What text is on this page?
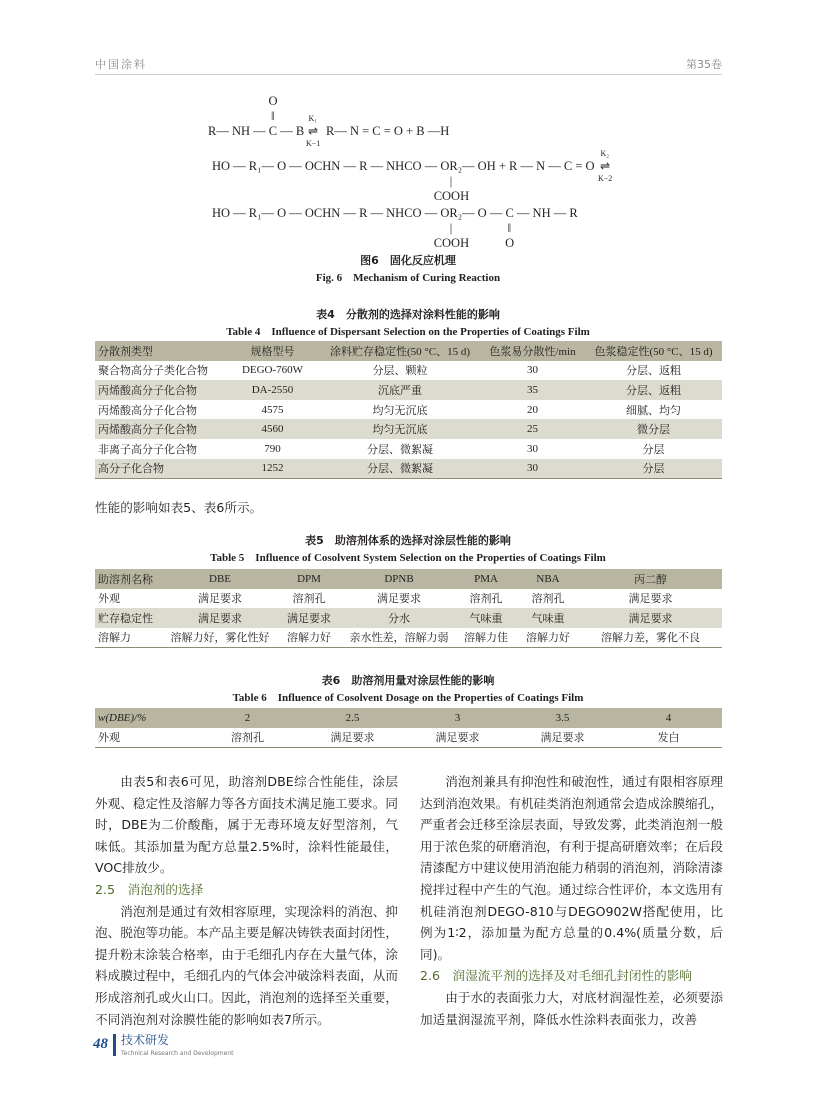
中国涂料	第35卷
O
‖
R— NH — C — B
K₁
⇌
K−1
R— N = C = O + B —H
HO — R₁— O — OCHN — R — NHCO — OR₂— OH + R — N — C = O
K₂
⇌
K−2
|
COOH
HO — R₁— O — OCHN — R — NHCO — OR₂— O — C — NH — R
|
COOH
‖
O
图6　固化反应机理
Fig. 6　Mechanism of Curing Reaction
表4　分散剂的选择对涂料性能的影响
Table 4　Influence of Dispersant Selection on the Properties of Coatings Film
分散剂类型	规格型号	涂料贮存稳定性(50 °C、15 d)	色浆易分散性/min	色浆稳定性(50 °C、15 d)
聚合物高分子类化合物	DEGO-760W	分层、颗粒	30	分层、返粗
丙烯酸高分子化合物	DA-2550	沉底严重	35	分层、返粗
丙烯酸高分子化合物	4575	均匀无沉底	20	细腻、均匀
丙烯酸高分子化合物	4560	均匀无沉底	25	微分层
非离子高分子化合物	790	分层、微絮凝	30	分层
高分子化合物	1252	分层、微絮凝	30	分层
性能的影响如表5、表6所示。
表5　助溶剂体系的选择对涂层性能的影响
Table 5　Influence of Cosolvent System Selection on the Properties of Coatings Film
助溶剂名称	DBE	DPM	DPNB	PMA	NBA	丙二醇
外观	满足要求	溶剂孔	满足要求	溶剂孔	溶剂孔	满足要求
贮存稳定性	满足要求	满足要求	分水	气味重	气味重	满足要求
溶解力	溶解力好，雾化性好	溶解力好	亲水性差，溶解力弱	溶解力佳	溶解力好	溶解力差，雾化不良
表6　助溶剂用量对涂层性能的影响
Table 6　Influence of Cosolvent Dosage on the Properties of Coatings Film
w(DBE)/%	2	2.5	3	3.5	4
外观	溶剂孔	满足要求	满足要求	满足要求	发白

由表5和表6可见，助溶剂DBE综合性能佳，涂层外观、稳定性及溶解力等各方面技术满足施工要求。同时，DBE为二价酸酯，属于无毒环境友好型溶剂，气味低。其添加量为配方总量2.5%时，涂料性能最佳，VOC排放少。

2.5　消泡剂的选择

消泡剂是通过有效相容原理，实现涂料的消泡、抑泡、脱泡等功能。本产品主要是解决铸铁表面封闭性，提升粉末涂装合格率，由于毛细孔内存在大量气体，涂料成膜过程中，毛细孔内的气体会冲破涂料表面，从而形成溶剂孔或火山口。因此，消泡剂的选择至关重要，不同消泡剂对涂膜性能的影响如表7所示。

消泡剂兼具有抑泡性和破泡性，通过有限相容原理达到消泡效果。有机硅类消泡剂通常会造成涂膜缩孔，严重者会迁移至涂层表面，导致发雾，此类消泡剂一般用于浓色浆的研磨消泡，有利于提高研磨效率；在后段清漆配方中建议使用消泡能力稍弱的消泡剂，消除清漆搅拌过程中产生的气泡。通过综合性评价，本文选用有机硅消泡剂DEGO-810与DEGO902W搭配使用，比例为1∶2，添加量为配方总量的0.4%(质量分数，后同)。

2.6　润湿流平剂的选择及对毛细孔封闭性的影响

由于水的表面张力大，对底材润湿性差，必须要添加适量润湿流平剂，降低水性涂料表面张力，改善

48 技术研发
Technical Research and Development
